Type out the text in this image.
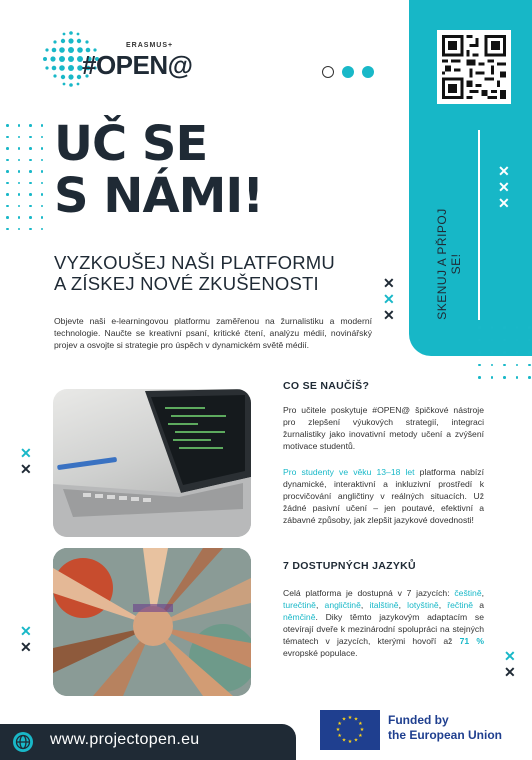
ERASMUS+
#OPEN@
SKENUJ A PŘIPOJ SE!
✕
✕
✕
UČ SE
S NÁMI!
VYZKOUŠEJ NAŠI PLATFORMU
A ZÍSKEJ NOVÉ ZKUŠENOSTI	✕
✕
✕
Objevte naši e-learningovou platformu zaměřenou na žurnalistiku a moderní technologie. Naučte se kreativní psaní, kritické čtení, analýzu médií, novinářský projev a osvojte si strategie pro úspěch v dynamickém světě médií.
✕
✕
✕
✕
✕
✕
CO SE NAUČÍŠ?
Pro učitele poskytuje #OPEN@ špičkové nástroje pro zlepšení výukových strategií, integraci žurnalistiky jako inovativní metody učení a zvýšení motivace studentů.
Pro studenty ve věku 13–18 let platforma nabízí dynamické, interaktivní a inkluzivní prostředí k procvičování angličtiny v reálných situacích. Už žádné pasivní učení – jen poutavé, efektivní a zábavné způsoby, jak zlepšit jazykové dovednosti!
7 DOSTUPNÝCH JAZYKŮ
Celá platforma je dostupná v 7 jazycích: češtině, turečtině, angličtině, italštině, lotyštině, řečtině a němčině. Diky těmto jazykovým adaptacím se otevírají dveře k mezinárodní spolupráci na stejných tématech v jazycích, kterými hovoří až 71 % evropské populace.
www.projectopen.eu
★ ★
★
★
★
★
★
★
★
★
★
★	Funded by
the European Union
